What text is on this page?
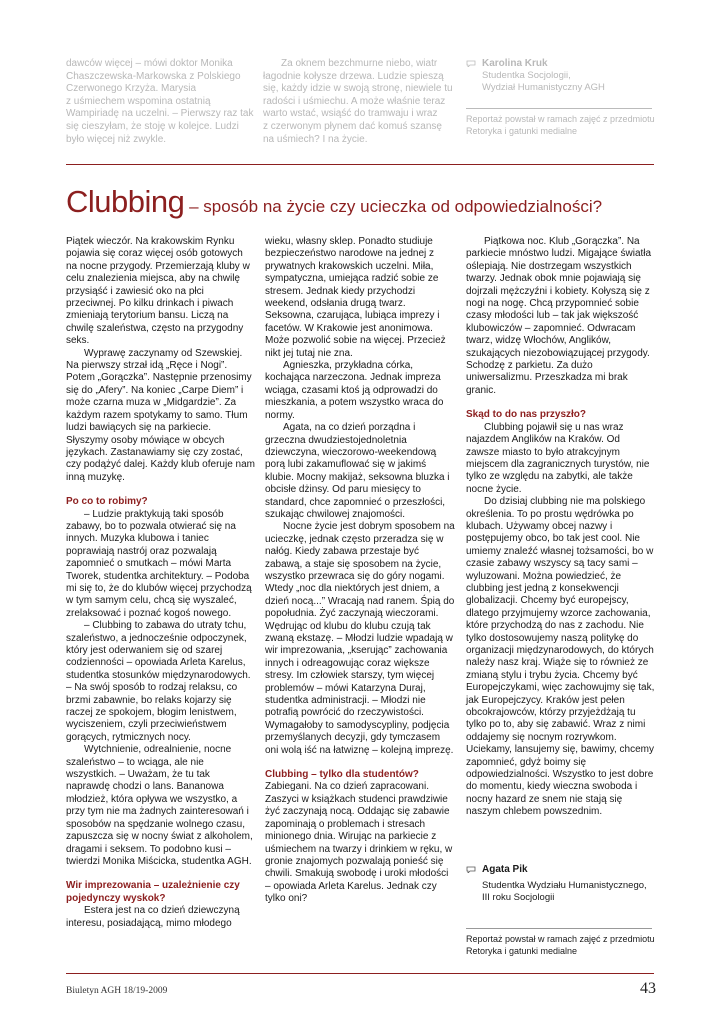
dawców więcej – mówi doktor Monika

Chaszczewska-Markowska z Polskiego

Czerwonego Krzyża. Marysia

z uśmiechem wspomina ostatnią

Wampiriadę na uczelni. – Pierwszy raz tak

się cieszyłam, że stoję w kolejce. Ludzi

było więcej niż zwykle.

Za oknem bezchmurne niebo, wiatr

łagodnie kołysze drzewa. Ludzie spieszą

się, każdy idzie w swoją stronę, niewiele tu

radości i uśmiechu. A może właśnie teraz

warto wstać, wsiąść do tramwaju i wraz

z czerwonym płynem dać komuś szansę

na uśmiech? I na życie.

Karolina Kruk
Studentka Socjologii,
Wydział Humanistyczny AGH
Reportaż powstał w ramach zajęć z przedmiotu
Retoryka i gatunki medialne
Clubbing – sposób na życie czy ucieczka od odpowiedzialności?

Piątek wieczór. Na krakowskim Rynku pojawia się coraz więcej osób gotowych na nocne przygody. Przemierzają kluby w celu znalezienia miejsca, aby na chwilę przysiąść i zawiesić oko na płci przeciwnej. Po kilku drinkach i piwach zmieniają terytorium bansu. Liczą na chwilę szaleństwa, często na przygodny seks.

Wyprawę zaczynamy od Szewskiej. Na pierwszy strzał idą „Ręce i Nogi”. Potem „Gorączka”. Następnie przenosimy się do „Afery”. Na koniec „Carpe Diem” i może czarna muza w „Midgardzie”. Za każdym razem spotykamy to samo. Tłum ludzi bawiących się na parkiecie. Słyszymy osoby mówiące w obcych językach. Zastanawiamy się czy zostać, czy podążyć dalej. Każdy klub oferuje nam inną muzykę.

Po co to robimy?

– Ludzie praktykują taki sposób zabawy, bo to pozwala otwierać się na innych. Muzyka klubowa i taniec poprawiają nastrój oraz pozwalają zapomnieć o smutkach – mówi Marta Tworek, studentka architektury. – Podoba mi się to, że do klubów więcej przychodzą w tym samym celu, chcą się wyszaleć, zrelaksować i poznać kogoś nowego.

– Clubbing to zabawa do utraty tchu, szaleństwo, a jednocześnie odpoczynek, który jest oderwaniem się od szarej codzienności – opowiada Arleta Karelus, studentka stosunków międzynarodowych. – Na swój sposób to rodzaj relaksu, co brzmi zabawnie, bo relaks kojarzy się raczej ze spokojem, błogim lenistwem, wyciszeniem, czyli przeciwieństwem gorących, rytmicznych nocy.

Wytchnienie, odrealnienie, nocne szaleństwo – to wciąga, ale nie wszystkich. – Uważam, że tu tak naprawdę chodzi o lans. Bananowa młodzież, która opływa we wszystko, a przy tym nie ma żadnych zainteresowań i sposobów na spędzanie wolnego czasu, zapuszcza się w nocny świat z alkoholem, dragami i seksem. To podobno kusi – twierdzi Monika Miścicka, studentka AGH.

Wir imprezowania – uzależnienie czy pojedynczy wyskok?

Estera jest na co dzień dziewczyną interesu, posiadającą, mimo młodego

wieku, własny sklep. Ponadto studiuje bezpieczeństwo narodowe na jednej z prywatnych krakowskich uczelni. Miła, sympatyczna, umiejąca radzić sobie ze stresem. Jednak kiedy przychodzi weekend, odsłania drugą twarz. Seksowna, czarująca, lubiąca imprezy i facetów. W Krakowie jest anonimowa. Może pozwolić sobie na więcej. Przecież nikt jej tutaj nie zna.

Agnieszka, przykładna córka, kochająca narzeczona. Jednak impreza wciąga, czasami ktoś ją odprowadzi do mieszkania, a potem wszystko wraca do normy.

Agata, na co dzień porządna i grzeczna dwudziestojednoletnia dziewczyna, wieczorowo-weekendową porą lubi zakamuflować się w jakimś klubie. Mocny makijaż, seksowna bluzka i obcisłe dżinsy. Od paru miesięcy to standard, chce zapomnieć o przeszłości, szukając chwilowej znajomości.

Nocne życie jest dobrym sposobem na ucieczkę, jednak często przeradza się w nałóg. Kiedy zabawa przestaje być zabawą, a staje się sposobem na życie, wszystko przewraca się do góry nogami. Wtedy „noc dla niektórych jest dniem, a dzień nocą...” Wracają nad ranem. Śpią do popołudnia. Żyć zaczynają wieczorami. Wędrując od klubu do klubu czują tak zwaną ekstazę. – Młodzi ludzie wpadają w wir imprezowania, „kserując” zachowania innych i odreagowując coraz większe stresy. Im człowiek starszy, tym więcej problemów – mówi Katarzyna Duraj, studentka administracji. – Młodzi nie potrafią powrócić do rzeczywistości. Wymagałoby to samodyscypliny, podjęcia przemyślanych decyzji, gdy tymczasem oni wolą iść na łatwiznę – kolejną imprezę.

Clubbing – tylko dla studentów?

Zabiegani. Na co dzień zapracowani. Zaszyci w książkach studenci prawdziwie żyć zaczynają nocą. Oddając się zabawie zapominają o problemach i stresach minionego dnia. Wirując na parkiecie z uśmiechem na twarzy i drinkiem w ręku, w gronie znajomych pozwalają ponieść się chwili. Smakują swobodę i uroki młodości – opowiada Arleta Karelus. Jednak czy tylko oni?

Piątkowa noc. Klub „Gorączka”. Na parkiecie mnóstwo ludzi. Migające światła oślepiają. Nie dostrzegam wszystkich twarzy. Jednak obok mnie pojawiają się dojrzali mężczyźni i kobiety. Kołyszą się z nogi na nogę. Chcą przypomnieć sobie czasy młodości lub – tak jak większość klubowiczów – zapomnieć. Odwracam twarz, widzę Włochów, Anglików, szukających niezobowiązującej przygody. Schodzę z parkietu. Za dużo uniwersalizmu. Przeszkadza mi brak granic.

Skąd to do nas przyszło?

Clubbing pojawił się u nas wraz najazdem Anglików na Kraków. Od zawsze miasto to było atrakcyjnym miejscem dla zagranicznych turystów, nie tylko ze względu na zabytki, ale także nocne życie.

Do dzisiaj clubbing nie ma polskiego określenia. To po prostu wędrówka po klubach. Używamy obcej nazwy i postępujemy obco, bo tak jest cool. Nie umiemy znaleźć własnej tożsamości, bo w czasie zabawy wszyscy są tacy sami – wyluzowani. Można powiedzieć, że clubbing jest jedną z konsekwencji globalizacji. Chcemy być europejscy, dlatego przyjmujemy wzorce zachowania, które przychodzą do nas z zachodu. Nie tylko dostosowujemy naszą politykę do organizacji międzynarodowych, do których należy nasz kraj. Wiąże się to również ze zmianą stylu i trybu życia. Chcemy być Europejczykami, więc zachowujmy się tak, jak Europejczycy. Kraków jest pełen obcokrajowców, którzy przyjeżdżają tu tylko po to, aby się zabawić. Wraz z nimi oddajemy się nocnym rozrywkom. Uciekamy, lansujemy się, bawimy, chcemy zapomnieć, gdyż boimy się odpowiedzialności. Wszystko to jest dobre do momentu, kiedy wieczna swoboda i nocny hazard ze snem nie stają się naszym chlebem powszednim.

Agata Pik
Studentka Wydziału Humanistycznego,
III roku Socjologii
Reportaż powstał w ramach zajęć z przedmiotu
Retoryka i gatunki medialne
Biuletyn AGH 18/19-2009	43
